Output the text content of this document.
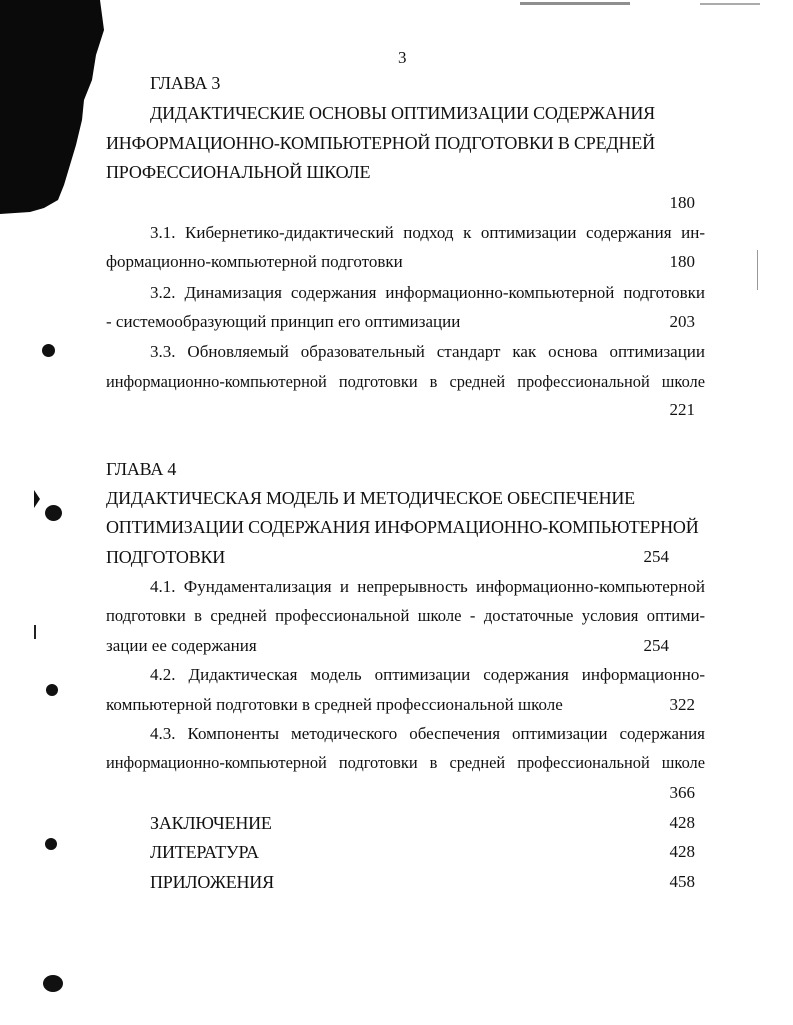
3
ГЛАВА 3
ДИДАКТИЧЕСКИЕ ОСНОВЫ ОПТИМИЗАЦИИ СОДЕРЖАНИЯ
ИНФОРМАЦИОННО-КОМПЬЮТЕРНОЙ ПОДГОТОВКИ В СРЕДНЕЙ
ПРОФЕССИОНАЛЬНОЙ ШКОЛЕ
180
3.1. Кибернетико-дидактический подход к оптимизации содержания ин-
формационно-компьютерной подготовки	180
3.2. Динамизация содержания информационно-компьютерной подготовки
- системообразующий принцип его оптимизации	203
3.3. Обновляемый образовательный стандарт как основа оптимизации
информационно-компьютерной подготовки в средней профессиональной школе
221
ГЛАВА 4
ДИДАКТИЧЕСКАЯ МОДЕЛЬ И МЕТОДИЧЕСКОЕ ОБЕСПЕЧЕНИЕ
ОПТИМИЗАЦИИ СОДЕРЖАНИЯ ИНФОРМАЦИОННО-КОМПЬЮТЕРНОЙ
ПОДГОТОВКИ	254
4.1. Фундаментализация и непрерывность информационно-компьютерной
подготовки в средней профессиональной школе - достаточные условия оптими-
зации ее содержания	254
4.2. Дидактическая модель оптимизации содержания информационно-
компьютерной подготовки в средней профессиональной школе	322
4.3. Компоненты методического обеспечения оптимизации содержания
информационно-компьютерной подготовки в средней профессиональной школе
366
ЗАКЛЮЧЕНИЕ	428
ЛИТЕРАТУРА	428
ПРИЛОЖЕНИЯ	458
